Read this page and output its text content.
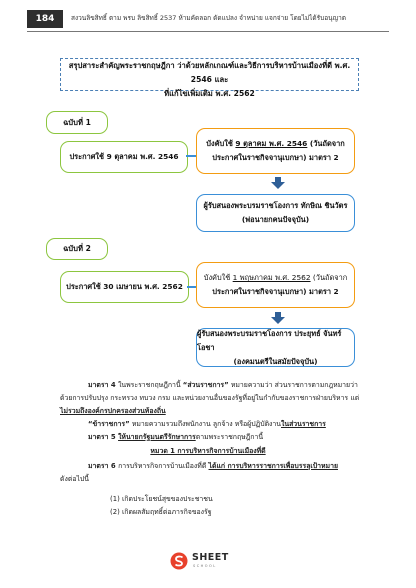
184	สงวนลิขสิทธิ์ ตาม พรบ ลิขสิทธิ์ 2537 ห้ามคัดลอก ดัดแปลง จำหน่าย แจกจ่าย โดยไม่ได้รับอนุญาต
สรุปสาระสำคัญพระราชกฤษฎีกา ว่าด้วยหลักเกณฑ์และวิธีการบริหารบ้านเมืองที่ดี พ.ศ. 2546 และ
ที่แก้ไขเพิ่มเติม พ.ศ. 2562
ฉบับที่ 1
ประกาศใช้ 9 ตุลาคม พ.ศ. 2546
บังคับใช้ 9 ตุลาคม พ.ศ. 2546 (วันถัดจาก
ประกาศในราชกิจจานุเบกษา) มาตรา 2
ผู้รับสนองพระบรมราชโองการ ทักษิณ ชินวัตร
(พ่อนายกคนปัจจุบัน)
ฉบับที่ 2
ประกาศใช้ 30 เมษายน พ.ศ. 2562
บังคับใช้ 1 พฤษภาคม พ.ศ. 2562 (วันถัดจาก
ประกาศในราชกิจจานุเบกษา) มาตรา 2
ผู้รับสนองพระบรมราชโองการ ประยุทธ์ จันทร์โอชา
(องคมนตรีในสมัยปัจจุบัน)
มาตรา 4 ในพระราชกฤษฎีกานี้ “ส่วนราชการ” หมายความว่า ส่วนราชการตามกฎหมายว่า
ด้วยการปรับปรุง กระทรวง ทบวง กรม และหน่วยงานอื่นของรัฐที่อยู่ในกำกับของราชการฝ่ายบริหาร แต่
ไม่รวมถึงองค์กรปกครองส่วนท้องถิ่น
“ข้าราชการ” หมายความรวมถึงพนักงาน ลูกจ้าง หรือผู้ปฏิบัติงานในส่วนราชการ
มาตรา 5 ให้นายกรัฐมนตรีรักษาการตามพระราชกฤษฎีกานี้
หมวด 1 การบริหารกิจการบ้านเมืองที่ดี
มาตรา 6 การบริหารกิจการบ้านเมืองที่ดี ได้แก่ การบริหารราชการเพื่อบรรลุเป้าหมาย
ดังต่อไปนี้
(1) เกิดประโยชน์สุขของประชาชน
(2) เกิดผลสัมฤทธิ์ต่อภารกิจของรัฐ
SHEET
SCHOOL
